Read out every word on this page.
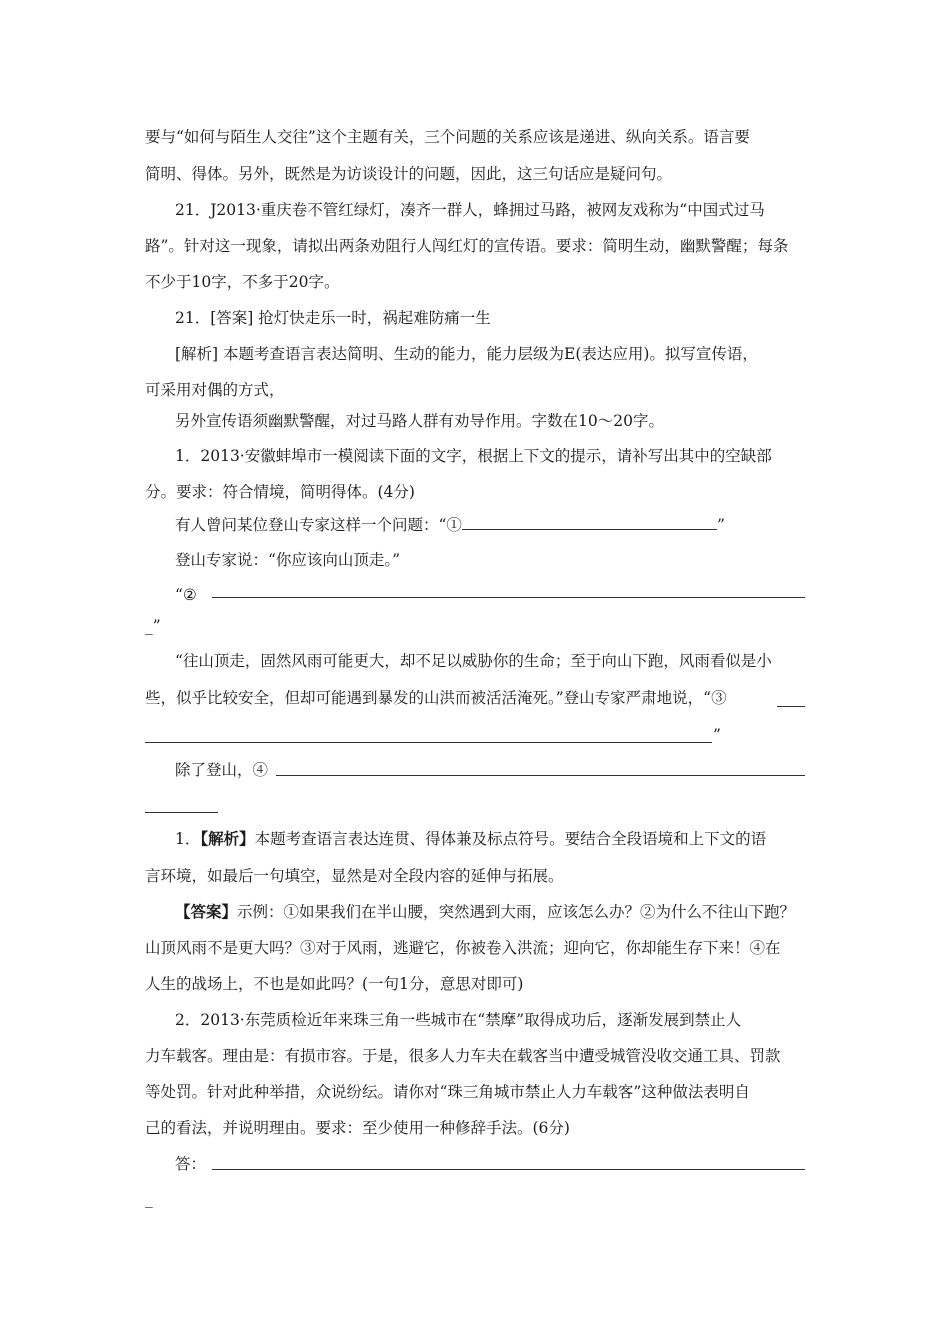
要与“如何与陌生人交往”这个主题有关，三个问题的关系应该是递进、纵向关系。语言要
简明、得体。另外，既然是为访谈设计的问题，因此，这三句话应是疑问句。
21．J2013·重庆卷不管红绿灯，凑齐一群人，蜂拥过马路，被网友戏称为“中国式过马
路”。针对这一现象，请拟出两条劝阻行人闯红灯的宣传语。要求：简明生动，幽默警醒；每条
不少于10字，不多于20字。
21．[答案] 抢灯快走乐一时，祸起难防痛一生
[解析] 本题考查语言表达简明、生动的能力，能力层级为E(表达应用)。拟写宣传语，
可采用对偶的方式，
另外宣传语须幽默警醒，对过马路人群有劝导作用。字数在10～20字。
1．2013·安徽蚌埠市一模阅读下面的文字，根据上下文的提示，请补写出其中的空缺部
分。要求：符合情境，简明得体。(4分)
有人曾问某位登山专家这样一个问题：“①	”
登山专家说：“你应该向山顶走。”
“②
_”
“往山顶走，固然风雨可能更大，却不足以威胁你的生命；至于向山下跑，风雨看似是小
些，似乎比较安全，但却可能遇到暴发的山洪而被活活淹死。”登山专家严肃地说，“③
”
除了登山，④
1．【解析】本题考查语言表达连贯、得体兼及标点符号。要结合全段语境和上下文的语
言环境，如最后一句填空，显然是对全段内容的延伸与拓展。
【答案】示例：①如果我们在半山腰，突然遇到大雨，应该怎么办？②为什么不往山下跑？
山顶风雨不是更大吗？③对于风雨，逃避它，你被卷入洪流；迎向它，你却能生存下来！④在
人生的战场上，不也是如此吗？(一句1分，意思对即可)
2．2013·东莞质检近年来珠三角一些城市在“禁摩”取得成功后，逐渐发展到禁止人
力车载客。理由是：有损市容。于是，很多人力车夫在载客当中遭受城管没收交通工具、罚款
等处罚。针对此种举措，众说纷纭。请你对“珠三角城市禁止人力车载客”这种做法表明自
己的看法，并说明理由。要求：至少使用一种修辞手法。(6分)
答：
_
